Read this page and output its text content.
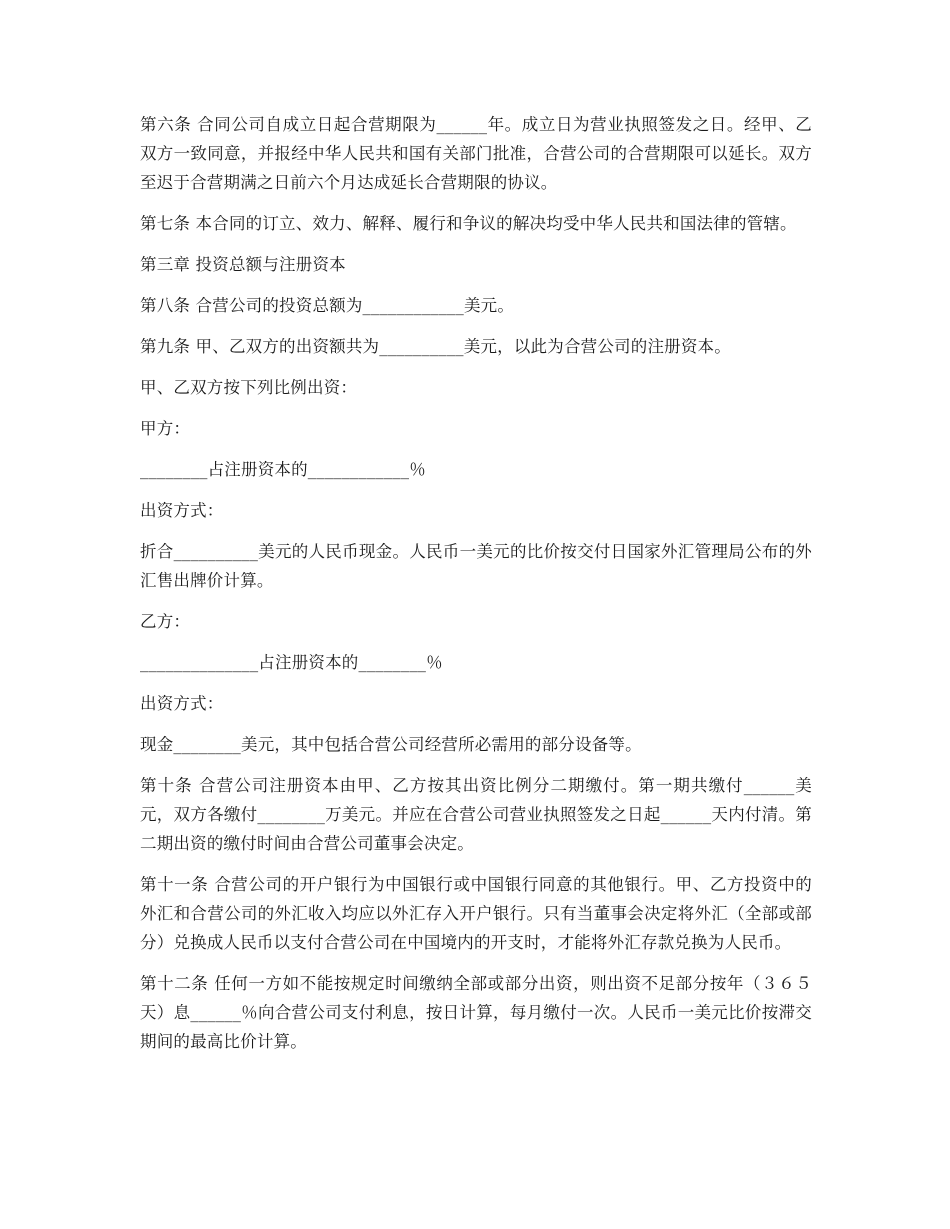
第六条 合同公司自成立日起合营期限为______年。成立日为营业执照签发之日。经甲、乙双方一致同意，并报经中华人民共和国有关部门批准，合营公司的合营期限可以延长。双方至迟于合营期满之日前六个月达成延长合营期限的协议。

第七条 本合同的订立、效力、解释、履行和争议的解决均受中华人民共和国法律的管辖。

第三章 投资总额与注册资本

第八条 合营公司的投资总额为____________美元。

第九条 甲、乙双方的出资额共为__________美元，以此为合营公司的注册资本。

甲、乙双方按下列比例出资：

甲方：

________占注册资本的____________％

出资方式：

折合__________美元的人民币现金。人民币一美元的比价按交付日国家外汇管理局公布的外汇售出牌价计算。

乙方：

______________占注册资本的________％

出资方式：

现金________美元，其中包括合营公司经营所必需用的部分设备等。

第十条 合营公司注册资本由甲、乙方按其出资比例分二期缴付。第一期共缴付______美元，双方各缴付________万美元。并应在合营公司营业执照签发之日起______天内付清。第二期出资的缴付时间由合营公司董事会决定。

第十一条 合营公司的开户银行为中国银行或中国银行同意的其他银行。甲、乙方投资中的外汇和合营公司的外汇收入均应以外汇存入开户银行。只有当董事会决定将外汇（全部或部分）兑换成人民币以支付合营公司在中国境内的开支时，才能将外汇存款兑换为人民币。

第十二条 任何一方如不能按规定时间缴纳全部或部分出资，则出资不足部分按年（３６５天）息______％向合营公司支付利息，按日计算，每月缴付一次。人民币一美元比价按滞交期间的最高比价计算。
